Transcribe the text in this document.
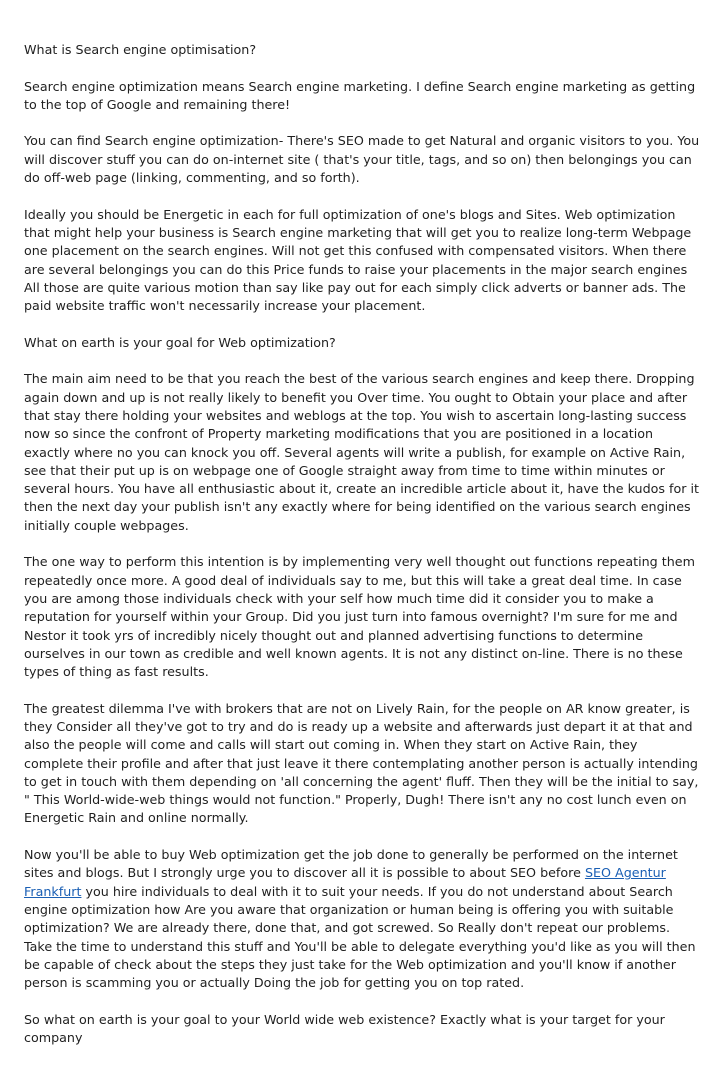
What is Search engine optimisation?

Search engine optimization means Search engine marketing. I define Search engine marketing as getting to the top of Google and remaining there!

You can find Search engine optimization- There's SEO made to get Natural and organic visitors to you. You will discover stuff you can do on-internet site ( that's your title, tags, and so on) then belongings you can do off-web page (linking, commenting, and so forth).

Ideally you should be Energetic in each for full optimization of one's blogs and Sites. Web optimization that might help your business is Search engine marketing that will get you to realize long-term Webpage one placement on the search engines. Will not get this confused with compensated visitors. When there are several belongings you can do this Price funds to raise your placements in the major search engines All those are quite various motion than say like pay out for each simply click adverts or banner ads. The paid website traffic won't necessarily increase your placement.

What on earth is your goal for Web optimization?

The main aim need to be that you reach the best of the various search engines and keep there. Dropping again down and up is not really likely to benefit you Over time. You ought to Obtain your place and after that stay there holding your websites and weblogs at the top. You wish to ascertain long-lasting success now so since the confront of Property marketing modifications that you are positioned in a location exactly where no you can knock you off. Several agents will write a publish, for example on Active Rain, see that their put up is on webpage one of Google straight away from time to time within minutes or several hours. You have all enthusiastic about it, create an incredible article about it, have the kudos for it then the next day your publish isn't any exactly where for being identified on the various search engines initially couple webpages.

The one way to perform this intention is by implementing very well thought out functions repeating them repeatedly once more. A good deal of individuals say to me, but this will take a great deal time. In case you are among those individuals check with your self how much time did it consider you to make a reputation for yourself within your Group. Did you just turn into famous overnight? I'm sure for me and Nestor it took yrs of incredibly nicely thought out and planned advertising functions to determine ourselves in our town as credible and well known agents. It is not any distinct on-line. There is no these types of thing as fast results.

The greatest dilemma I've with brokers that are not on Lively Rain, for the people on AR know greater, is they Consider all they've got to try and do is ready up a website and afterwards just depart it at that and also the people will come and calls will start out coming in. When they start on Active Rain, they complete their profile and after that just leave it there contemplating another person is actually intending to get in touch with them depending on 'all concerning the agent' fluff. Then they will be the initial to say, " This World-wide-web things would not function." Properly, Dugh! There isn't any no cost lunch even on Energetic Rain and online normally.

Now you'll be able to buy Web optimization get the job done to generally be performed on the internet sites and blogs. But I strongly urge you to discover all it is possible to about SEO before SEO Agentur Frankfurt you hire individuals to deal with it to suit your needs. If you do not understand about Search engine optimization how Are you aware that organization or human being is offering you with suitable optimization? We are already there, done that, and got screwed. So Really don't repeat our problems. Take the time to understand this stuff and You'll be able to delegate everything you'd like as you will then be capable of check about the steps they just take for the Web optimization and you'll know if another person is scamming you or actually Doing the job for getting you on top rated.

So what on earth is your goal to your World wide web existence? Exactly what is your target for your company
